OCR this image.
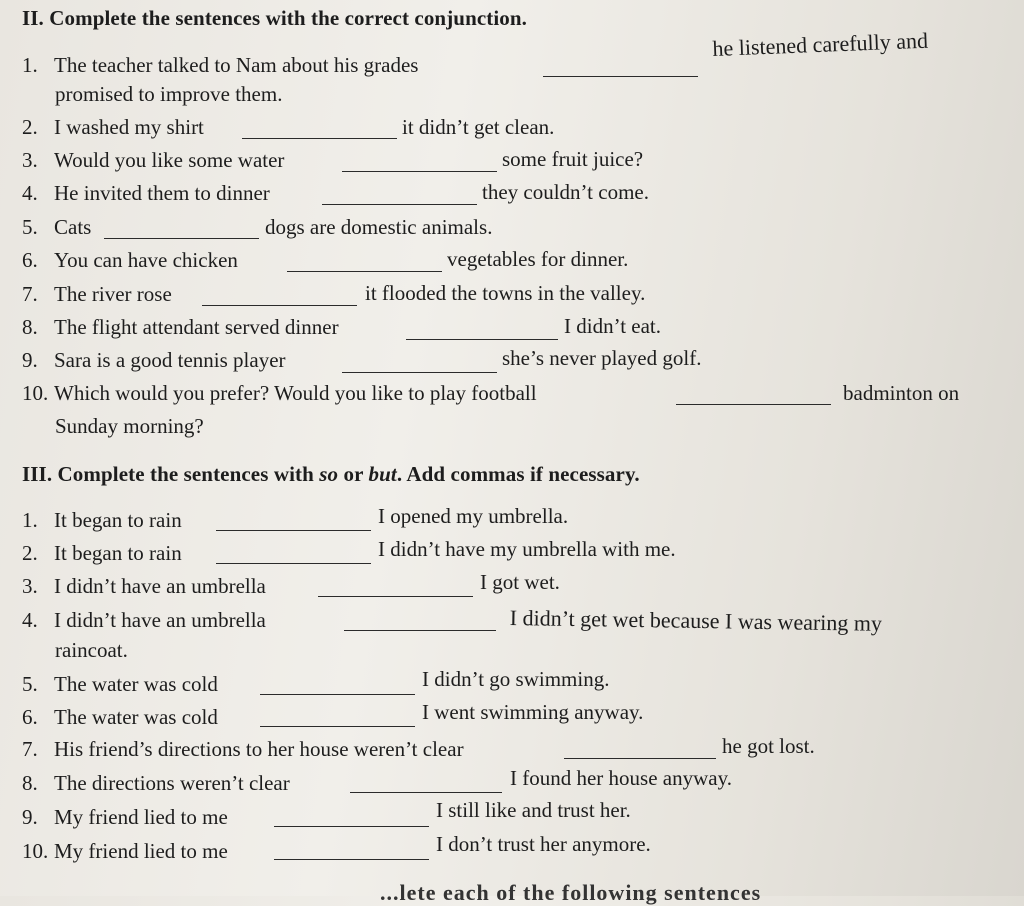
II. Complete the sentences with the correct conjunction.
1. The teacher talked to Nam about his grades
he listened carefully and
promised to improve them.
2. I washed my shirt	it didn’t get clean.
3. Would you like some water	some fruit juice?
4. He invited them to dinner	they couldn’t come.
5. Cats	dogs are domestic animals.
6. You can have chicken	vegetables for dinner.
7. The river rose	it flooded the towns in the valley.
8. The flight attendant served dinner	I didn’t eat.
9. Sara is a good tennis player	she’s never played golf.
10. Which would you prefer? Would you like to play football	badminton on
Sunday morning?
III. Complete the sentences with so or but. Add commas if necessary.
1. It began to rain	I opened my umbrella.
2. It began to rain	I didn’t have my umbrella with me.
3. I didn’t have an umbrella	I got wet.
4. I didn’t have an umbrella	I didn’t get wet because I was wearing my
raincoat.
5. The water was cold	I didn’t go swimming.
6. The water was cold	I went swimming anyway.
7. His friend’s directions to her house weren’t clear	he got lost.
8. The directions weren’t clear	I found her house anyway.
9. My friend lied to me	I still like and trust her.
10. My friend lied to me	I don’t trust her anymore.
...lete each of the following sentences
